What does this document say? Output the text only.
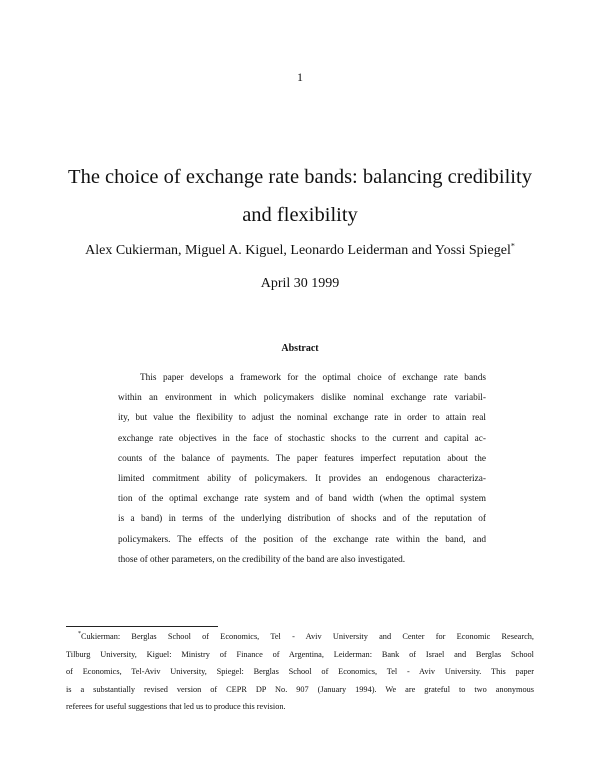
1
The choice of exchange rate bands: balancing credibility
and flexibility
Alex Cukierman, Miguel A. Kiguel, Leonardo Leiderman and Yossi Spiegel*
April 30 1999
Abstract
This paper develops a framework for the optimal choice of exchange rate bands
within an environment in which policymakers dislike nominal exchange rate variabil-
ity, but value the flexibility to adjust the nominal exchange rate in order to attain real
exchange rate objectives in the face of stochastic shocks to the current and capital ac-
counts of the balance of payments. The paper features imperfect reputation about the
limited commitment ability of policymakers. It provides an endogenous characteriza-
tion of the optimal exchange rate system and of band width (when the optimal system
is a band) in terms of the underlying distribution of shocks and of the reputation of
policymakers. The effects of the position of the exchange rate within the band, and
those of other parameters, on the credibility of the band are also investigated.
*Cukierman: Berglas School of Economics, Tel - Aviv University and Center for Economic Research,
Tilburg University, Kiguel: Ministry of Finance of Argentina, Leiderman: Bank of Israel and Berglas School
of Economics, Tel-Aviv University, Spiegel: Berglas School of Economics, Tel - Aviv University. This paper
is a substantially revised version of CEPR DP No. 907 (January 1994). We are grateful to two anonymous
referees for useful suggestions that led us to produce this revision.
